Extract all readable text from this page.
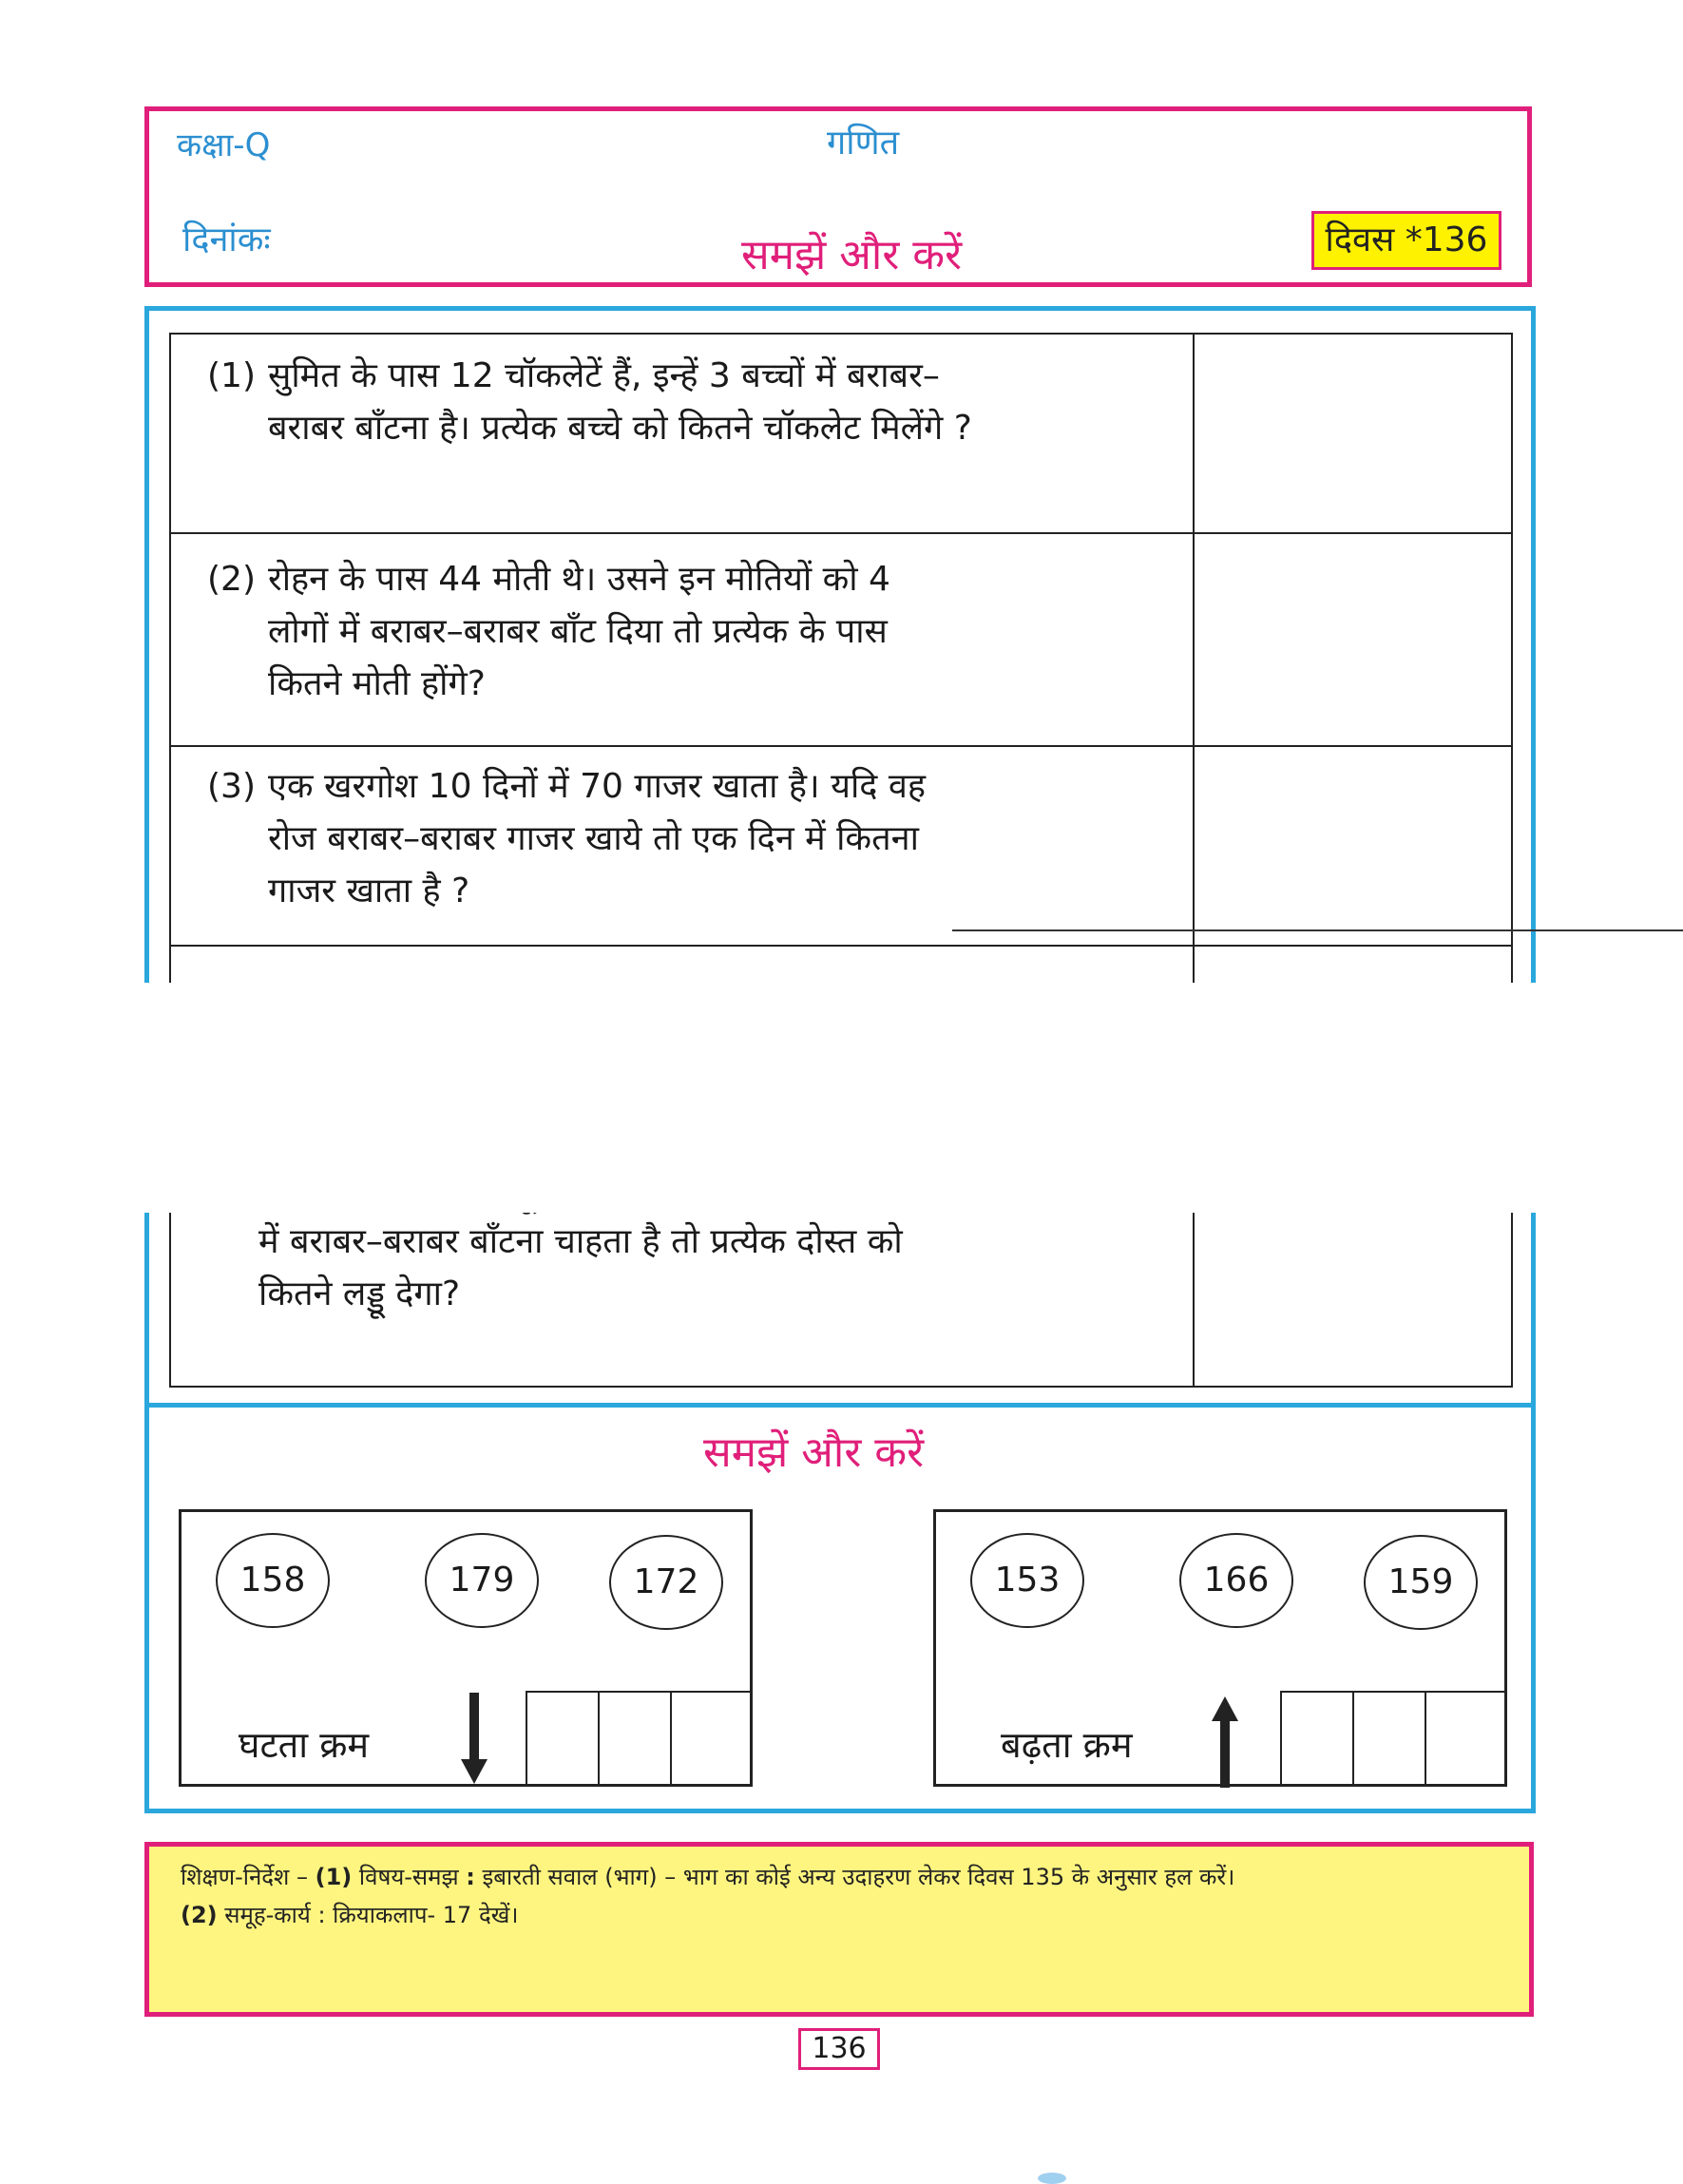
कक्षा-Q	गणित
दिनांकः	समझें और करें	दिवस *136
(1) सुमित के पास 12 चॉकलेटें हैं, इन्हें 3 बच्चों में बराबर–
बराबर बाँटना है। प्रत्येक बच्चे को कितने चॉकलेट मिलेंगे ?
(2) रोहन के पास 44 मोती थे। उसने इन मोतियों को 4
लोगों में बराबर–बराबर बाँट दिया तो प्रत्येक के पास
कितने मोती होंगे?
(3) एक खरगोश 10 दिनों में 70 गाजर खाता है। यदि वह
रोज बराबर–बराबर गाजर खाये तो एक दिन में कितना
गाजर खाता है ?
में बराबर–बराबर बाँटना चाहता है तो प्रत्येक दोस्त को
कितने लड्डू देगा?
समझें और करें
158	179	172
घटता क्रम
153	166	159
बढ़ता क्रम
शिक्षण-निर्देश – (1) विषय-समझ : इबारती सवाल (भाग) – भाग का कोई अन्य उदाहरण लेकर दिवस 135 के अनुसार हल करें।
(2) समूह-कार्य : क्रियाकलाप- 17 देखें।
136
